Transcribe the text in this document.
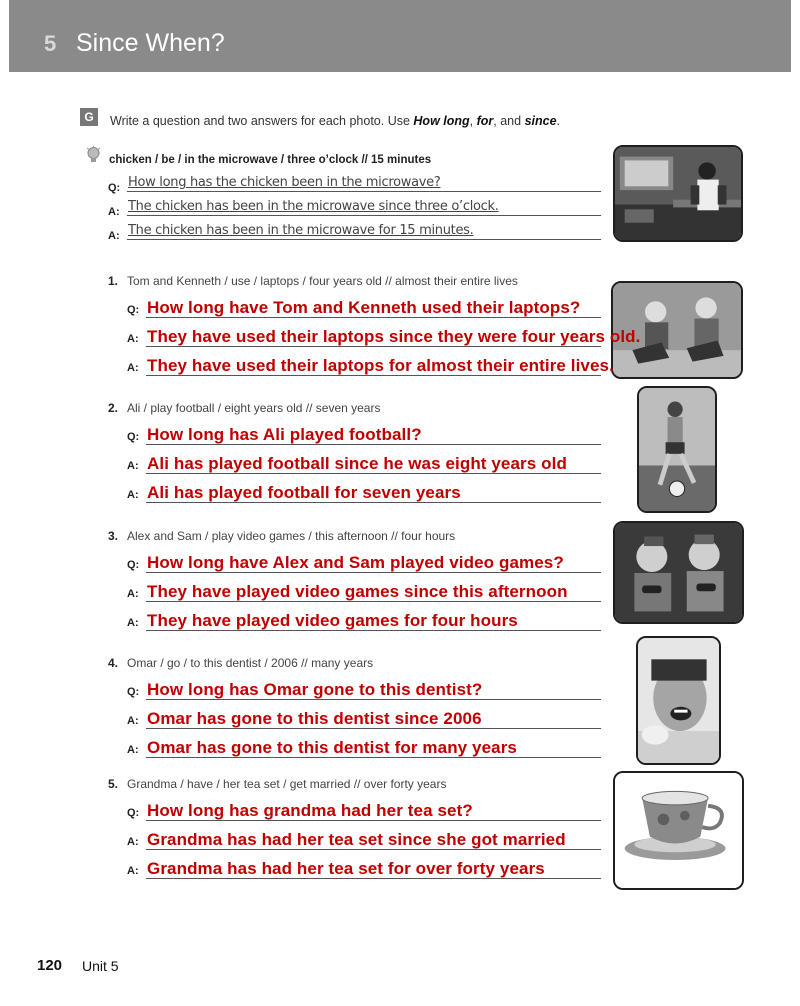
5 Since When?
G	Write a question and two answers for each photo. Use How long, for, and since.
chicken / be / in the microwave / three o’clock // 15 minutes
Q: How long has the chicken been in the microwave?
A: The chicken has been in the microwave since three o’clock.
A: The chicken has been in the microwave for 15 minutes.
1. Tom and Kenneth / use / laptops / four years old // almost their entire lives
Q: How long have Tom and Kenneth used their laptops?
A:
A:
They have used their laptops since they were four years old.
They have used their laptops for almost their entire lives.
2. Ali / play football / eight years old // seven years
Q: How long has Ali played football?
A: Ali has played football since he was eight years old
A: Ali has played football for seven years
3. Alex and Sam / play video games / this afternoon // four hours
Q: How long have Alex and Sam played video games?
A: They have played video games since this afternoon
A: They have played video games for four hours
4. Omar / go / to this dentist / 2006 // many years
Q: How long has Omar gone to this dentist?
A: Omar has gone to this dentist since 2006
A: Omar has gone to this dentist for many years
5. Grandma / have / her tea set / get married // over forty years
Q: How long has grandma had her tea set?
A: Grandma has had her tea set since she got married
A: Grandma has had her tea set for over forty years
120 Unit 5
